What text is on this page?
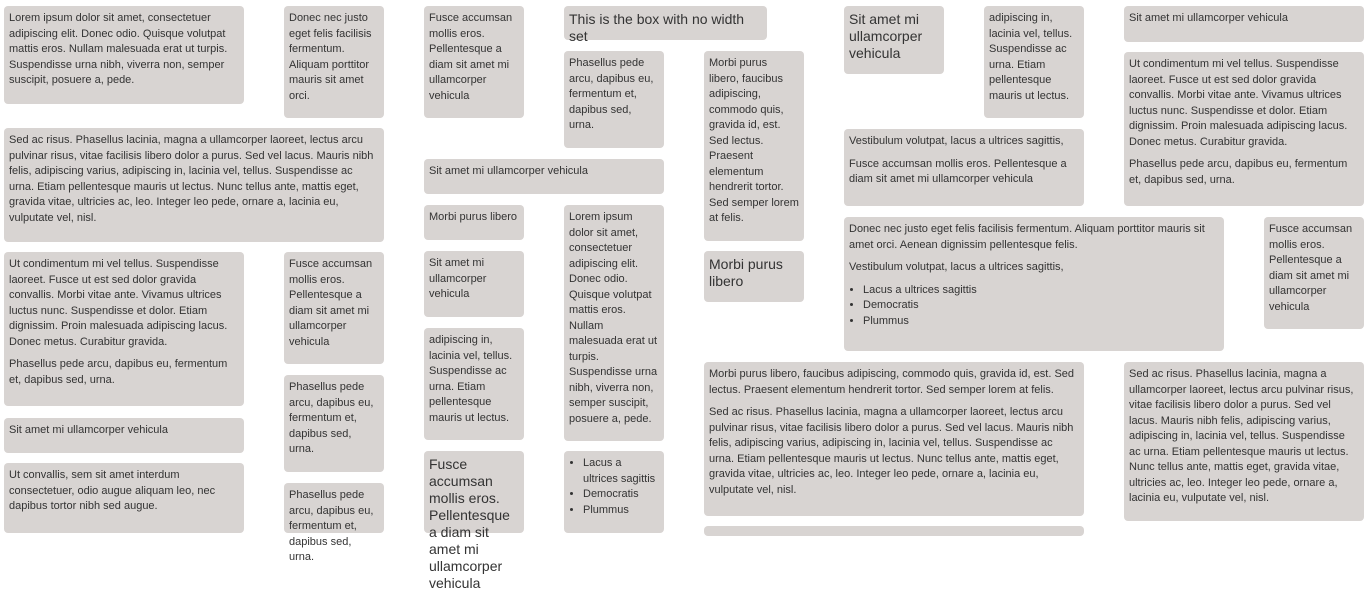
Lorem ipsum dolor sit amet, consectetuer adipiscing elit. Donec odio. Quisque volutpat mattis eros. Nullam malesuada erat ut turpis. Suspendisse urna nibh, viverra non, semper suscipit, posuere a, pede.

Donec nec justo eget felis facilisis fermentum. Aliquam porttitor mauris sit amet orci.

Sed ac risus. Phasellus lacinia, magna a ullamcorper laoreet, lectus arcu pulvinar risus, vitae facilisis libero dolor a purus. Sed vel lacus. Mauris nibh felis, adipiscing varius, adipiscing in, lacinia vel, tellus. Suspendisse ac urna. Etiam pellentesque mauris ut lectus. Nunc tellus ante, mattis eget, gravida vitae, ultricies ac, leo. Integer leo pede, ornare a, lacinia eu, vulputate vel, nisl.

Ut condimentum mi vel tellus. Suspendisse laoreet. Fusce ut est sed dolor gravida convallis. Morbi vitae ante. Vivamus ultrices luctus nunc. Suspendisse et dolor. Etiam dignissim. Proin malesuada adipiscing lacus. Donec metus. Curabitur gravida.

Phasellus pede arcu, dapibus eu, fermentum et, dapibus sed, urna.

Fusce accumsan mollis eros. Pellentesque a diam sit amet mi ullamcorper vehicula

Sit amet mi ullamcorper vehicula

Phasellus pede arcu, dapibus eu, fermentum et, dapibus sed, urna.

Ut convallis, sem sit amet interdum consectetuer, odio augue aliquam leo, nec dapibus tortor nibh sed augue.

Phasellus pede arcu, dapibus eu, fermentum et, dapibus sed, urna.

Fusce accumsan mollis eros. Pellentesque a diam sit amet mi ullamcorper vehicula

This is the box with no width set

Phasellus pede arcu, dapibus eu, fermentum et, dapibus sed, urna.

Morbi purus libero, faucibus adipiscing, commodo quis, gravida id, est. Sed lectus. Praesent elementum hendrerit tortor. Sed semper lorem at felis.

Sit amet mi ullamcorper vehicula

Morbi purus libero	Lorem ipsum dolor sit amet, consectetuer adipiscing elit. Donec odio. Quisque volutpat mattis eros. Nullam malesuada erat ut turpis. Suspendisse urna nibh, viverra non, semper suscipit, posuere a, pede.

Morbi purus libero

Sit amet mi ullamcorper vehicula

adipiscing in, lacinia vel, tellus. Suspendisse ac urna. Etiam pellentesque mauris ut lectus.

Fusce accumsan mollis eros. Pellentesque a diam sit amet mi ullamcorper vehicula

• Lacus a ultrices sagittis
• Democratis
• Plummus

Sit amet mi ullamcorper vehicula

adipiscing in, lacinia vel, tellus. Suspendisse ac urna. Etiam pellentesque mauris ut lectus.

Sit amet mi ullamcorper vehicula

Ut condimentum mi vel tellus. Suspendisse laoreet. Fusce ut est sed dolor gravida convallis. Morbi vitae ante. Vivamus ultrices luctus nunc. Suspendisse et dolor. Etiam dignissim. Proin malesuada adipiscing lacus. Donec metus. Curabitur gravida.

Phasellus pede arcu, dapibus eu, fermentum et, dapibus sed, urna.

Vestibulum volutpat, lacus a ultrices sagittis,

Fusce accumsan mollis eros. Pellentesque a diam sit amet mi ullamcorper vehicula

Donec nec justo eget felis facilisis fermentum. Aliquam porttitor mauris sit amet orci. Aenean dignissim pellentesque felis.

Vestibulum volutpat, lacus a ultrices sagittis,

• Lacus a ultrices sagittis
• Democratis
• Plummus

Fusce accumsan mollis eros. Pellentesque a diam sit amet mi ullamcorper vehicula

Morbi purus libero, faucibus adipiscing, commodo quis, gravida id, est. Sed lectus. Praesent elementum hendrerit tortor. Sed semper lorem at felis.

Sed ac risus. Phasellus lacinia, magna a ullamcorper laoreet, lectus arcu pulvinar risus, vitae facilisis libero dolor a purus. Sed vel lacus. Mauris nibh felis, adipiscing varius, adipiscing in, lacinia vel, tellus. Suspendisse ac urna. Etiam pellentesque mauris ut lectus. Nunc tellus ante, mattis eget, gravida vitae, ultricies ac, leo. Integer leo pede, ornare a, lacinia eu, vulputate vel, nisl.

Sed ac risus. Phasellus lacinia, magna a ullamcorper laoreet, lectus arcu pulvinar risus, vitae facilisis libero dolor a purus. Sed vel lacus. Mauris nibh felis, adipiscing varius, adipiscing in, lacinia vel, tellus. Suspendisse ac urna. Etiam pellentesque mauris ut lectus. Nunc tellus ante, mattis eget, gravida vitae, ultricies ac, leo. Integer leo pede, ornare a, lacinia eu, vulputate vel, nisl.
